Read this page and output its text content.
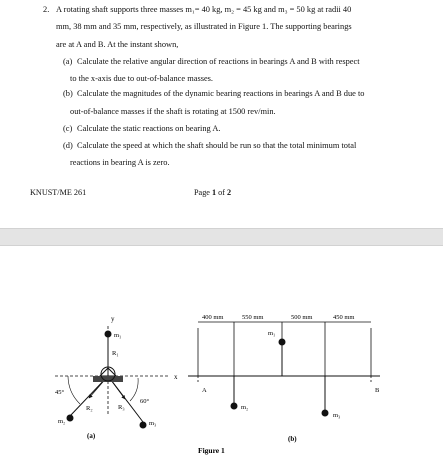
2. A rotating shaft supports three masses m₁= 40 kg, m₂ = 45 kg and m₃ = 50 kg at radii 40
mm, 38 mm and 35 mm, respectively, as illustrated in Figure 1. The supporting bearings
are at A and B. At the instant shown,
(a) Calculate the relative angular direction of reactions in bearings A and B with respect
to the x-axis due to out-of-balance masses.
(b) Calculate the magnitudes of the dynamic bearing reactions in bearings A and B due to
out-of-balance masses if the shaft is rotating at 1500 rev/min.
(c) Calculate the static reactions on bearing A.
(d) Calculate the speed at which the shaft should be run so that the total minimum total
reactions in bearing A is zero.
KNUST/ME 261	Page 1 of 2
y
x
m₁
R₁
R₂	R₃
m₂	m₃
45°
60°
(a)
400 mm	550 mm	500 mm	450 mm
A	B
m₁
m₂
m₃
(b)
Figure 1
